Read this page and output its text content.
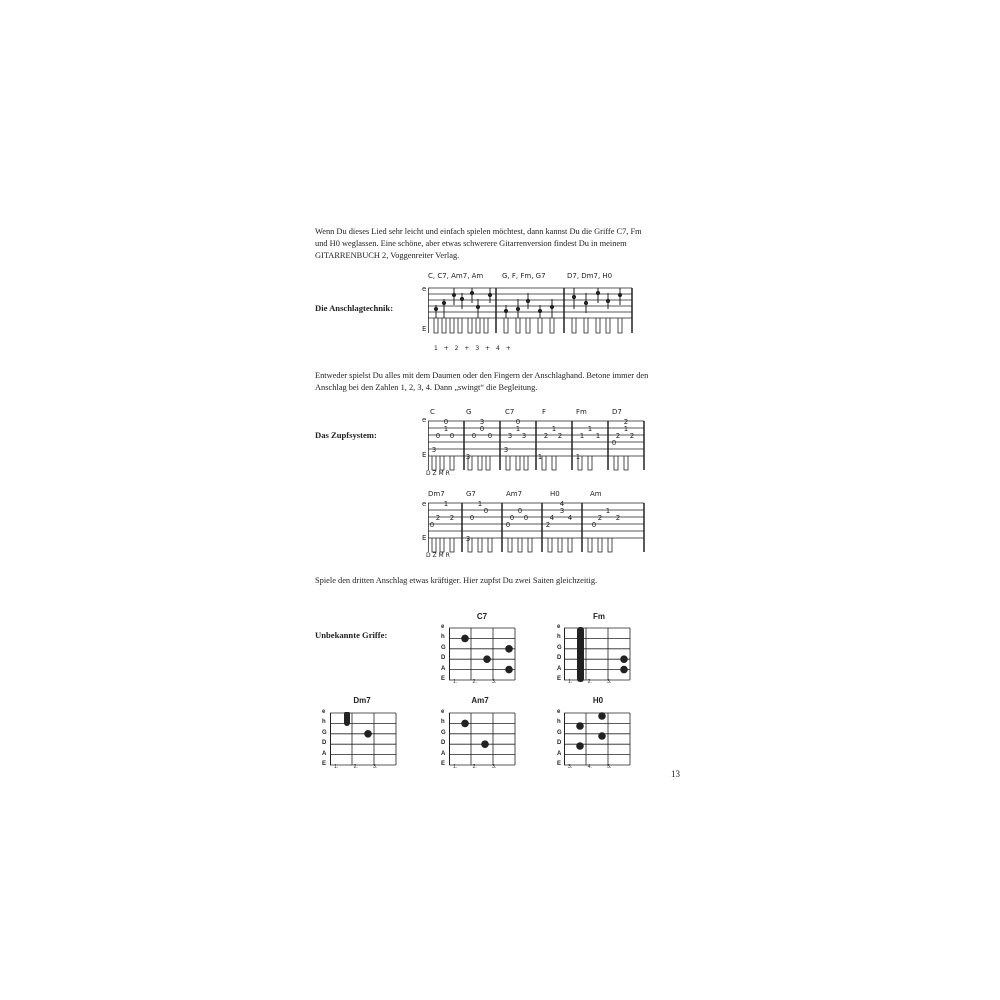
Wenn Du dieses Lied sehr leicht und einfach spielen möchtest, dann kannst Du die Griffe C7, Fm
und H0 weglassen. Eine schöne, aber etwas schwerere Gitarrenversion findest Du in meinem
GITARRENBUCH 2, Voggenreiter Verlag.
Die Anschlagtechnik:
C, C7, Am7, Am	G, F, Fm, G7	D7, Dm7, H0
e
E
1 + 2 + 3 + 4 +
Entweder spielst Du alles mit dem Daumen oder den Fingern der Anschlaghand. Betone immer den
Anschlag bei den Zahlen 1, 2, 3, 4. Dann „swingt“ die Begleitung.
Das Zupfsystem:
e
E
C	G	C7	F	Fm	D7
0
1
0 0
3
3
0
0 0
3
0
1
3 3
3
1
2 2
1
1
1 1
1
2
1
2 2
0
D Z M R
e
E
Dm7	G7	Am7	H0	Am
1
2 2
0
1
0
0
3
0
0 0
0
4
3
4 4
2
1
2 2
0
D Z M R
Spiele den dritten Anschlag etwas kräftiger. Hier zupfst Du zwei Saiten gleichzeitig.
Unbekannte Griffe:
C7
e
h
G
D
A
E 1.	2.	3.
Fm
e
h
G
D
A
E 1.	2.	3.
Dm7
e
h
G
D
A
E 1.	2.	3.
Am7
e
h
G
D
A
E 1.	2.	3.
H0
e
h
G
D
A
E 3.	4.	5.
13
